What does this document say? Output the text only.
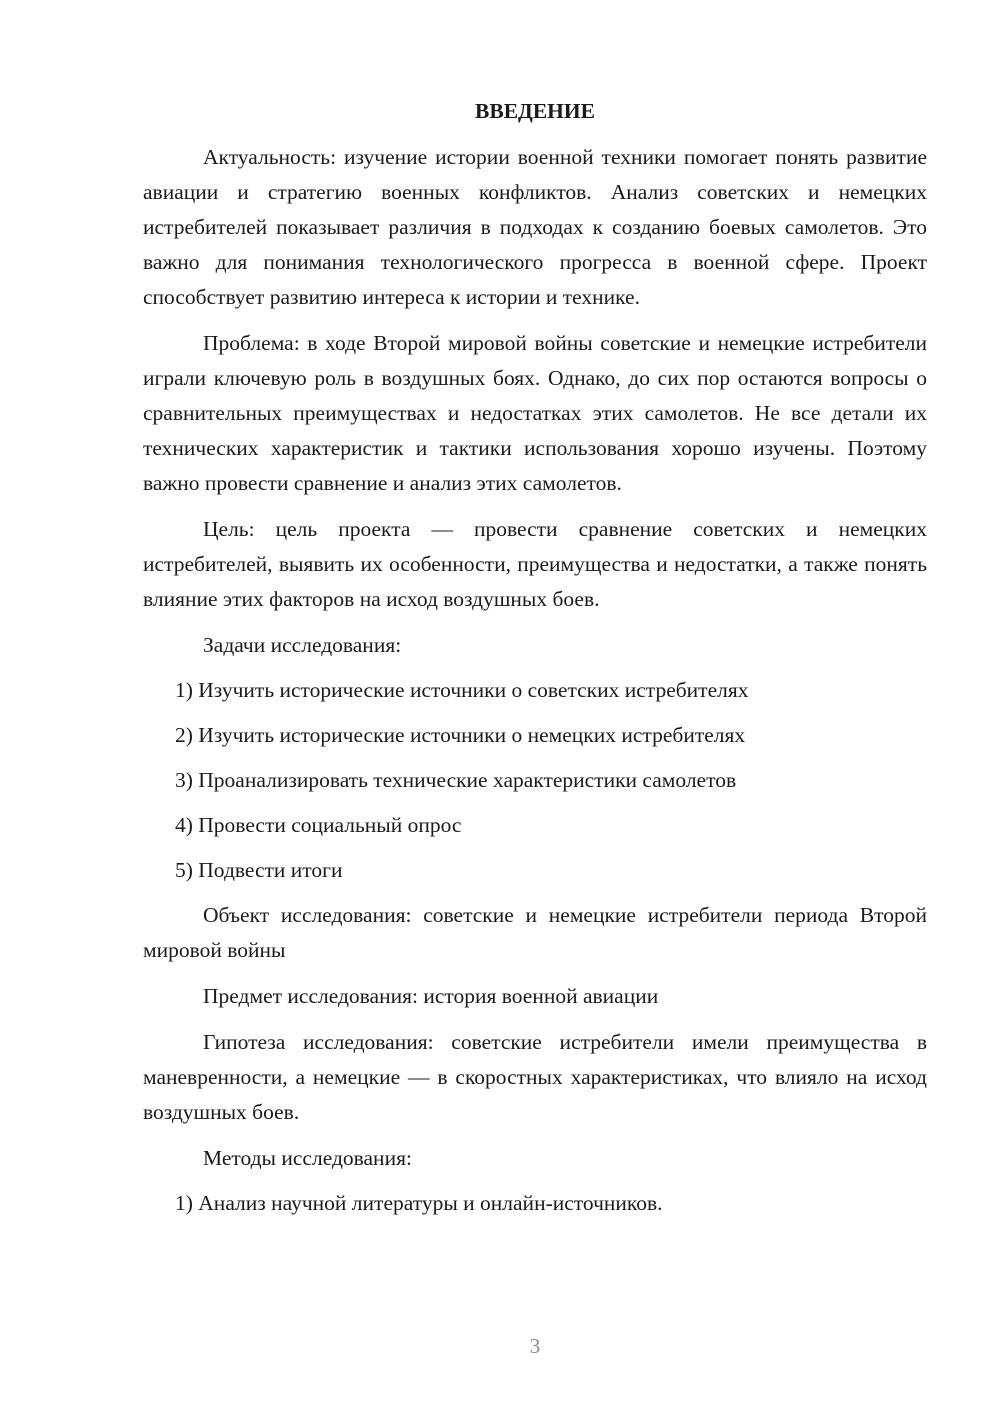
ВВЕДЕНИЕ

Актуальность: изучение истории военной техники помогает понять развитие авиации и стратегию военных конфликтов. Анализ советских и немецких истребителей показывает различия в подходах к созданию боевых самолетов. Это важно для понимания технологического прогресса в военной сфере. Проект способствует развитию интереса к истории и технике.

Проблема: в ходе Второй мировой войны советские и немецкие истребители играли ключевую роль в воздушных боях. Однако, до сих пор остаются вопросы о сравнительных преимуществах и недостатках этих самолетов. Не все детали их технических характеристик и тактики использования хорошо изучены. Поэтому важно провести сравнение и анализ этих самолетов.

Цель: цель проекта — провести сравнение советских и немецких истребителей, выявить их особенности, преимущества и недостатки, а также понять влияние этих факторов на исход воздушных боев.

Задачи исследования:

1) Изучить исторические источники о советских истребителях
2) Изучить исторические источники о немецких истребителях
3) Проанализировать технические характеристики самолетов
4) Провести социальный опрос
5) Подвести итоги

Объект исследования: советские и немецкие истребители периода Второй мировой войны

Предмет исследования: история военной авиации

Гипотеза исследования: советские истребители имели преимущества в маневренности, а немецкие — в скоростных характеристиках, что влияло на исход воздушных боев.

Методы исследования:

1) Анализ научной литературы и онлайн-источников.
3
